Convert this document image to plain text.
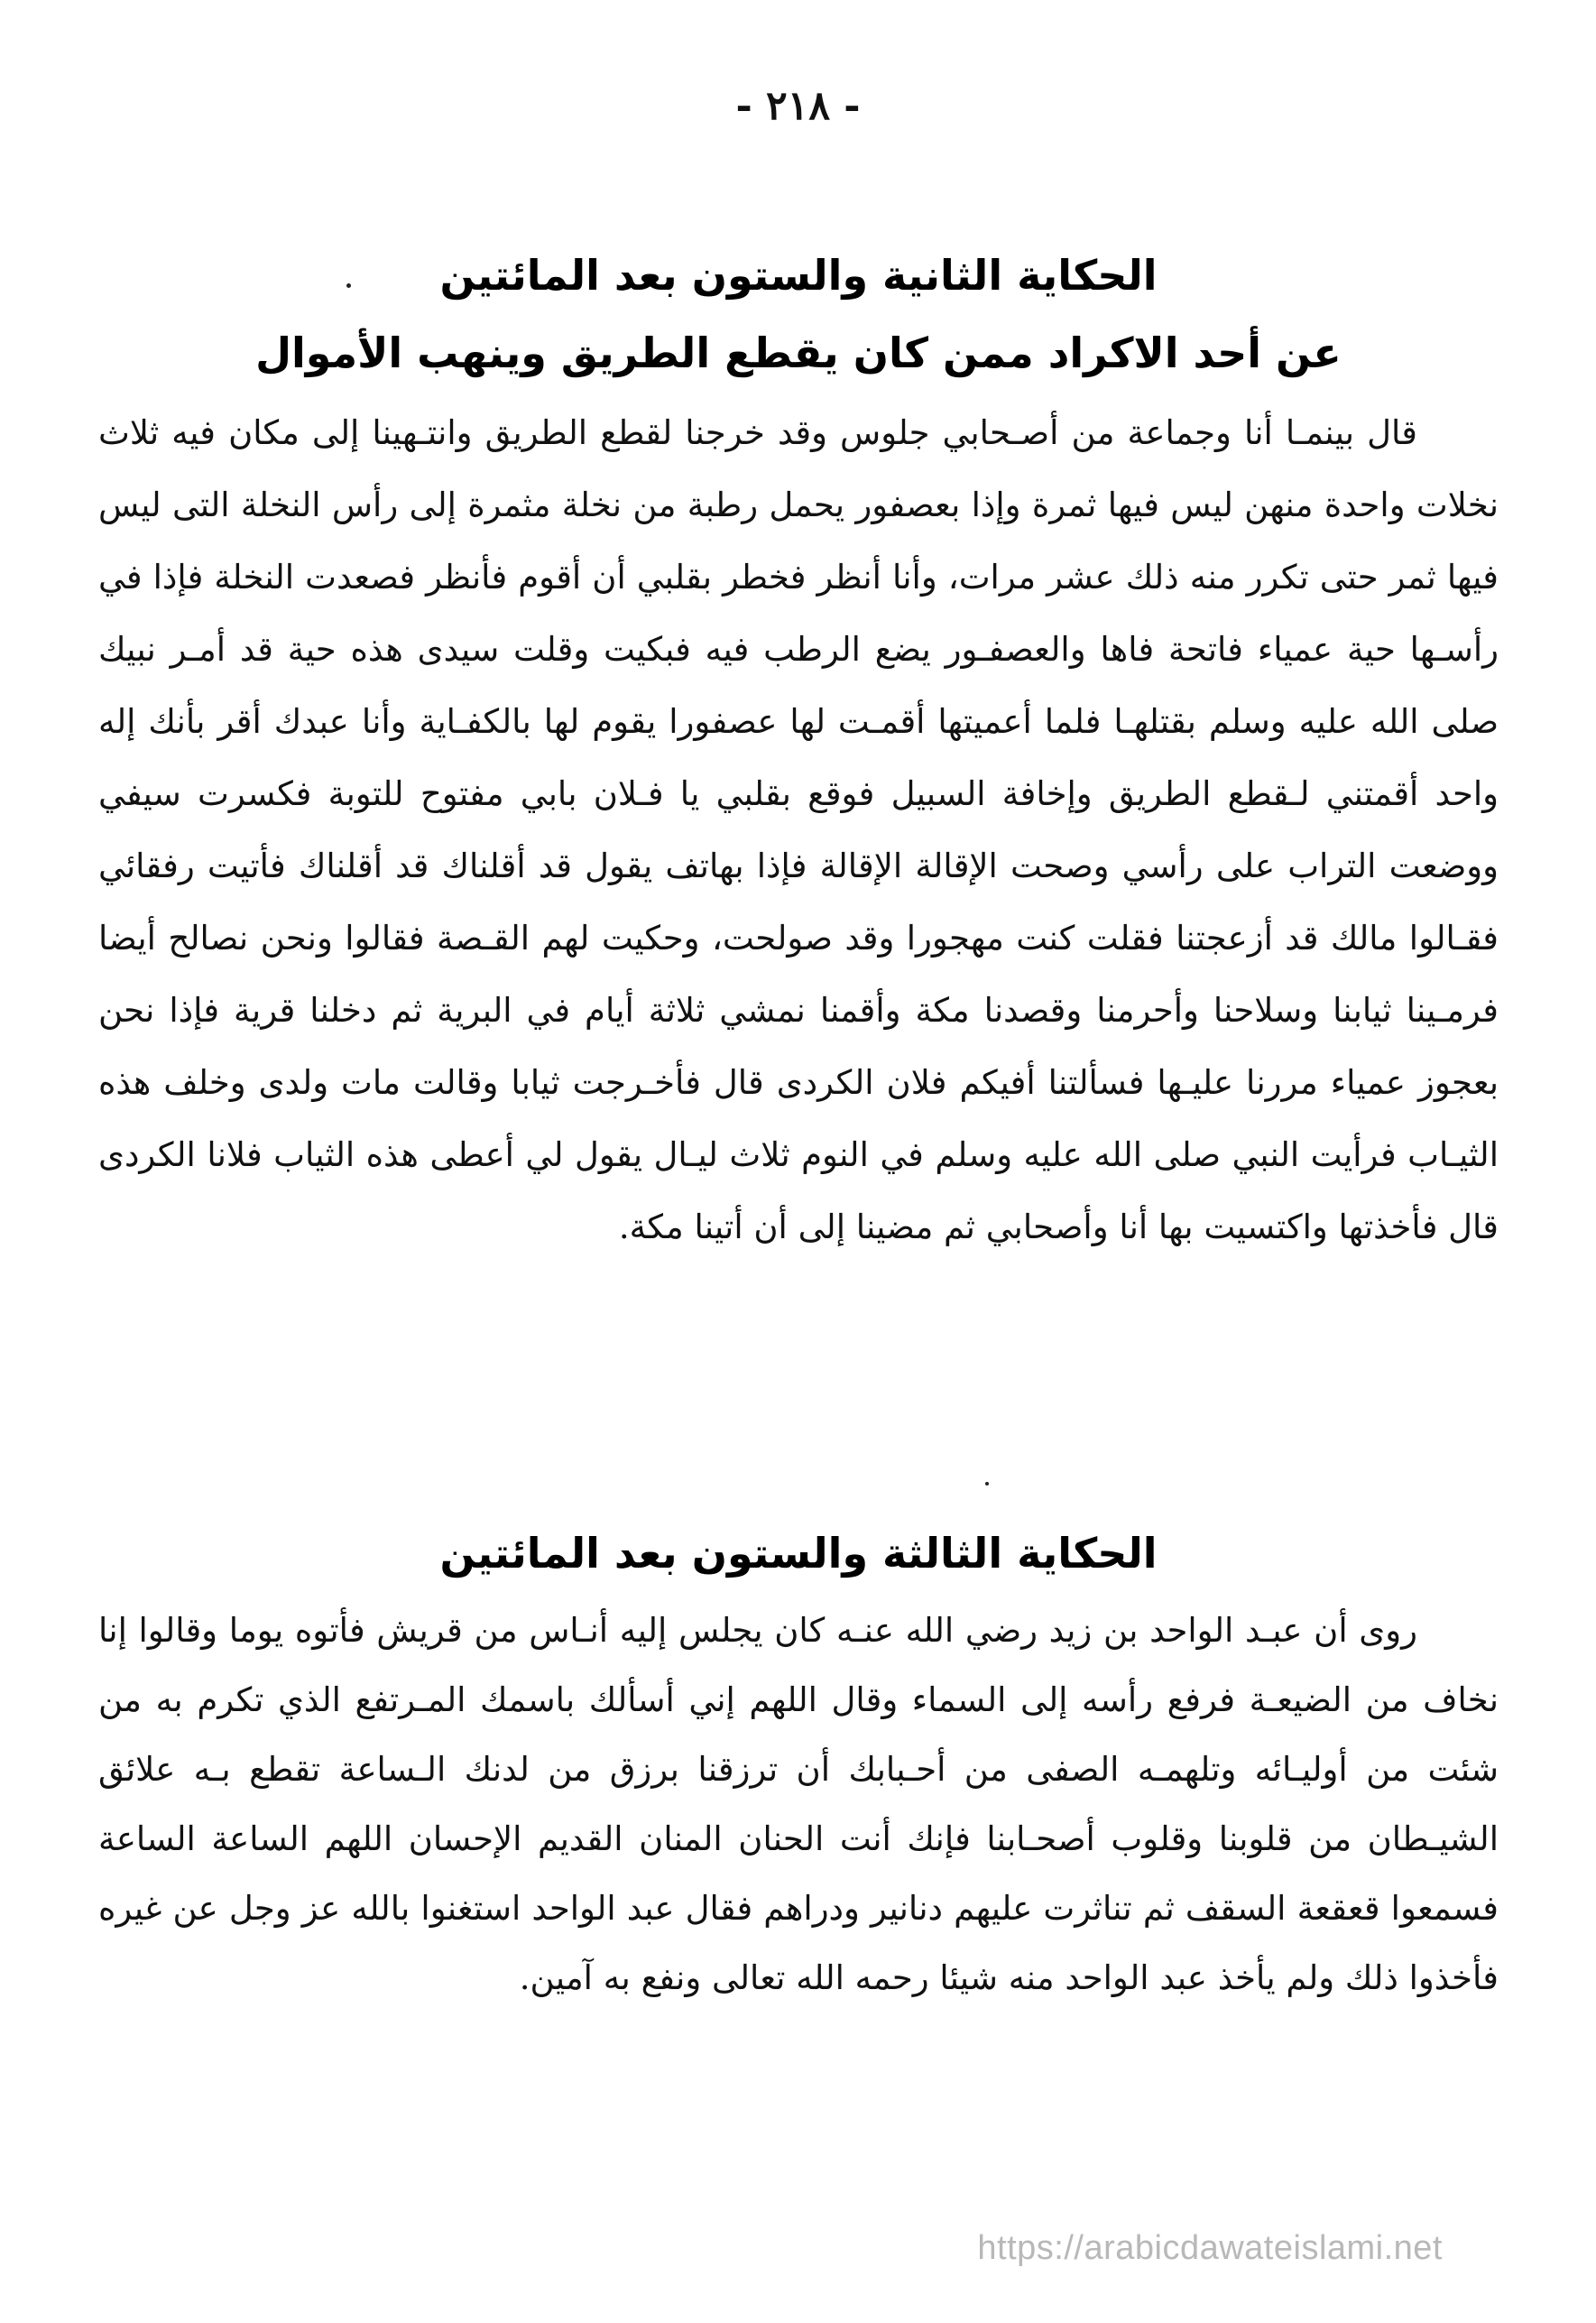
- ٢١٨ -
الحكاية الثانية والستون بعد المائتين
عن أحد الاكراد ممن كان يقطع الطريق وينهب الأموال

قال بينمـا أنا وجماعة من أصـحابي جلوس وقد خرجنا لقطع الطريق وانتـهينا إلى مكان فيه ثلاث نخلات واحدة منهن ليس فيها ثمرة وإذا بعصفور يحمل رطبة من نخلة مثمرة إلى رأس النخلة التى ليس فيها ثمر حتى تكرر منه ذلك عشر مرات، وأنا أنظر فخطر بقلبي أن أقوم فأنظر فصعدت النخلة فإذا في رأسـها حية عمياء فاتحة فاها والعصفـور يضع الرطب فيه فبكيت وقلت سيدى هذه حية قد أمـر نبيك صلى الله عليه وسلم بقتلهـا فلما أعميتها أقمـت لها عصفورا يقوم لها بالكفـاية وأنا عبدك أقر بأنك إله واحد أقمتني لـقطع الطريق وإخافة السبيل فوقع بقلبي يا فـلان بابي مفتوح للتوبة فكسرت سيفي ووضعت التراب على رأسي وصحت الإقالة الإقالة فإذا بهاتف يقول قد أقلناك قد أقلناك فأتيت رفقائي فقـالوا مالك قد أزعجتنا فقلت كنت مهجورا وقد صولحت، وحكيت لهم القـصة فقالوا ونحن نصالح أيضا فرمـينا ثيابنا وسلاحنا وأحرمنا وقصدنا مكة وأقمنا نمشي ثلاثة أيام في البرية ثم دخلنا قرية فإذا نحن بعجوز عمياء مررنا عليـها فسألتنا أفيكم فلان الكردى قال فأخـرجت ثيابا وقالت مات ولدى وخلف هذه الثيـاب فرأيت النبي صلى الله عليه وسلم في النوم ثلاث ليـال يقول لي أعطى هذه الثياب فلانا الكردى قال فأخذتها واكتسيت بها أنا وأصحابي ثم مضينا إلى أن أتينا مكة.

الحكاية الثالثة والستون بعد المائتين

روى أن عبـد الواحد بن زيد رضي الله عنـه كان يجلس إليه أنـاس من قريش فأتوه يوما وقالوا إنا نخاف من الضيعـة فرفع رأسه إلى السماء وقال اللهم إني أسألك باسمك المـرتفع الذي تكرم به من شئت من أوليـائه وتلهمـه الصفى من أحـبابك أن ترزقنا برزق من لدنك الـساعة تقطع بـه علائق الشيـطان من قلوبنا وقلوب أصحـابنا فإنك أنت الحنان المنان القديم الإحسان اللهم الساعة الساعة فسمعوا قعقعة السقف ثم تناثرت عليهم دنانير ودراهم فقال عبد الواحد استغنوا بالله عز وجل عن غيره فأخذوا ذلك ولم يأخذ عبد الواحد منه شيئا رحمه الله تعالى ونفع به آمين.

https://arabicdawateislami.net
